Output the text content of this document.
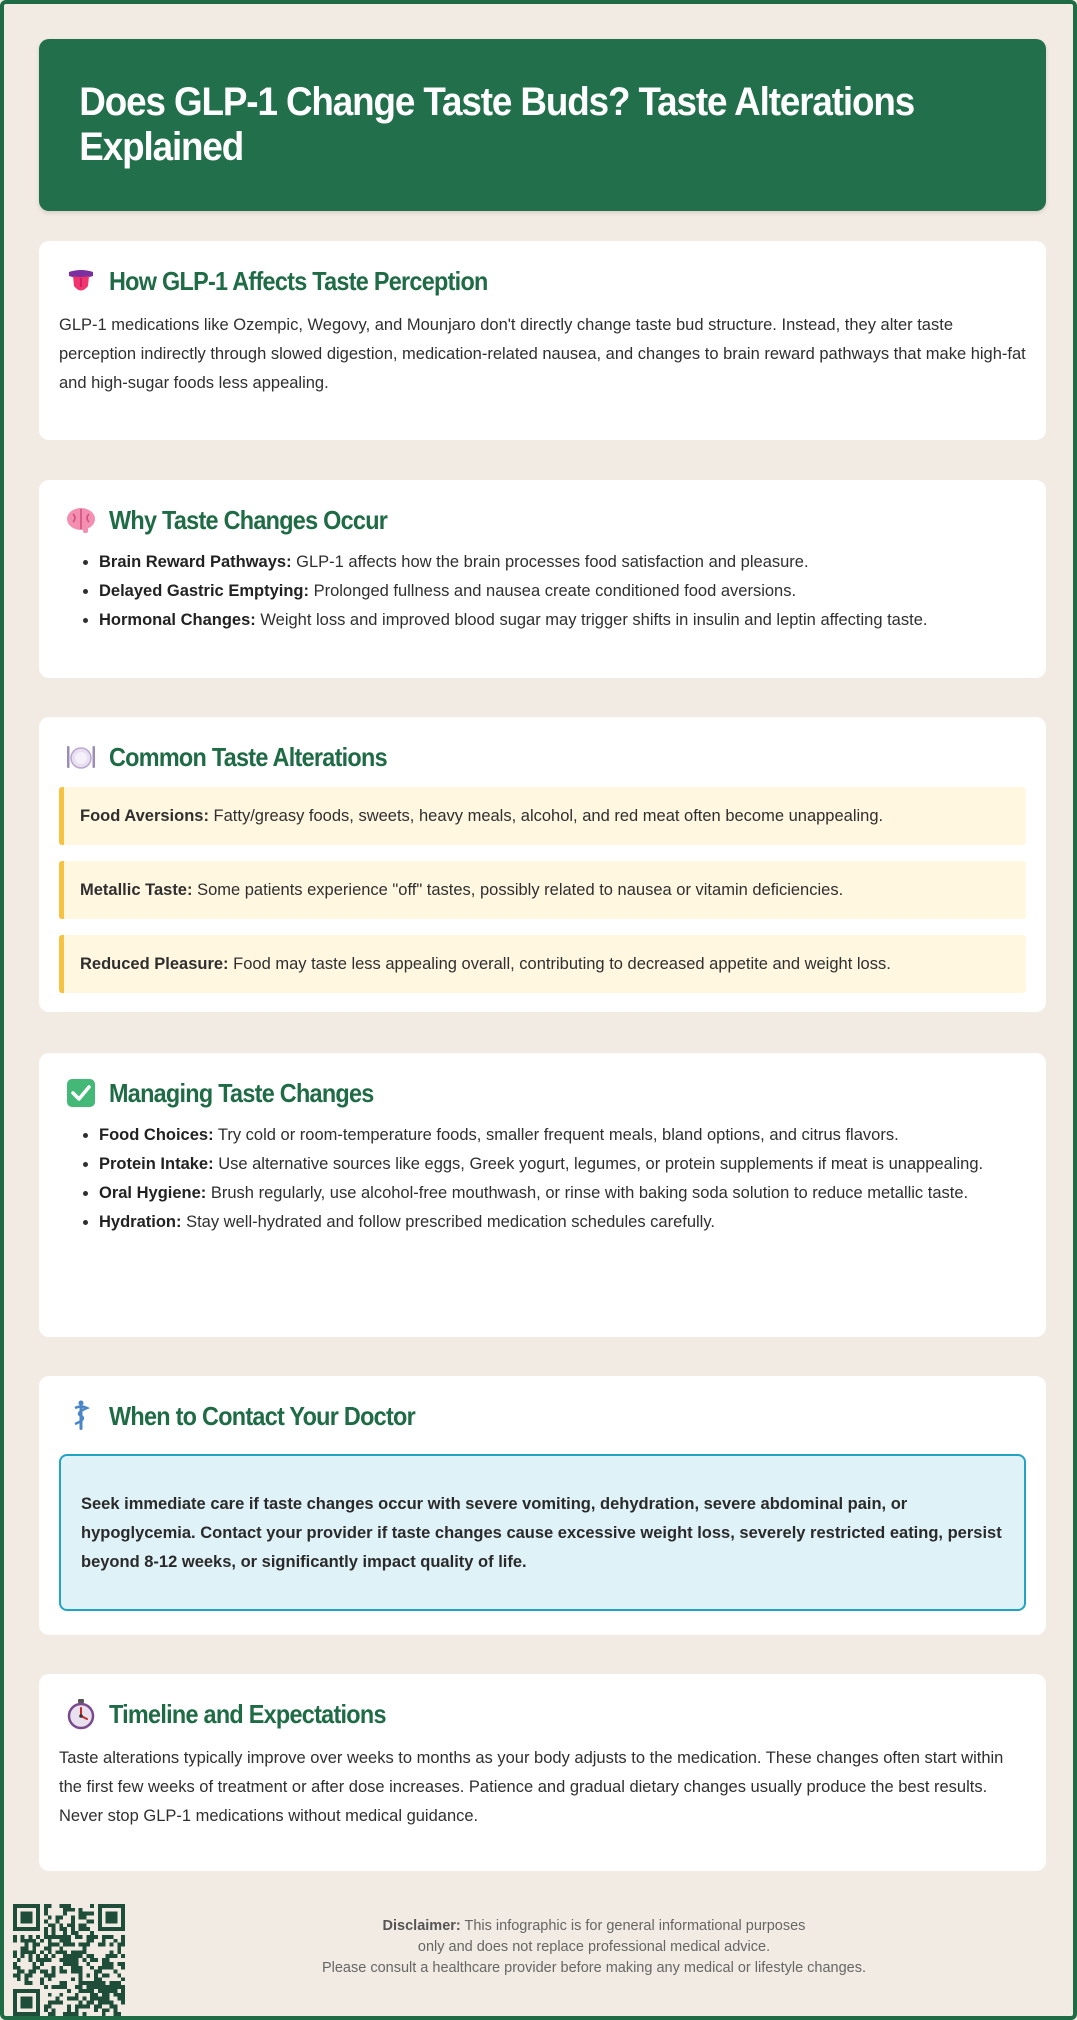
Does GLP-1 Change Taste Buds? Taste Alterations Explained
How GLP-1 Affects Taste Perception

GLP-1 medications like Ozempic, Wegovy, and Mounjaro don't directly change taste bud structure. Instead, they alter taste perception indirectly through slowed digestion, medication-related nausea, and changes to brain reward pathways that make high-fat and high-sugar foods less appealing.

Why Taste Changes Occur
• Brain Reward Pathways: GLP-1 affects how the brain processes food satisfaction and pleasure.
• Delayed Gastric Emptying: Prolonged fullness and nausea create conditioned food aversions.
• Hormonal Changes: Weight loss and improved blood sugar may trigger shifts in insulin and leptin affecting taste.
Common Taste Alterations
Food Aversions: Fatty/greasy foods, sweets, heavy meals, alcohol, and red meat often become unappealing.
Metallic Taste: Some patients experience "off" tastes, possibly related to nausea or vitamin deficiencies.
Reduced Pleasure: Food may taste less appealing overall, contributing to decreased appetite and weight loss.
Managing Taste Changes
• Food Choices: Try cold or room-temperature foods, smaller frequent meals, bland options, and citrus flavors.
• Protein Intake: Use alternative sources like eggs, Greek yogurt, legumes, or protein supplements if meat is unappealing.
• Oral Hygiene: Brush regularly, use alcohol-free mouthwash, or rinse with baking soda solution to reduce metallic taste.
• Hydration: Stay well-hydrated and follow prescribed medication schedules carefully.
When to Contact Your Doctor
Seek immediate care if taste changes occur with severe vomiting, dehydration, severe abdominal pain, or hypoglycemia. Contact your provider if taste changes cause excessive weight loss, severely restricted eating, persist beyond 8-12 weeks, or significantly impact quality of life.
Timeline and Expectations

Taste alterations typically improve over weeks to months as your body adjusts to the medication. These changes often start within the first few weeks of treatment or after dose increases. Patience and gradual dietary changes usually produce the best results. Never stop GLP-1 medications without medical guidance.

Disclaimer: This infographic is for general informational purposes
only and does not replace professional medical advice.
Please consult a healthcare provider before making any medical or lifestyle changes.
